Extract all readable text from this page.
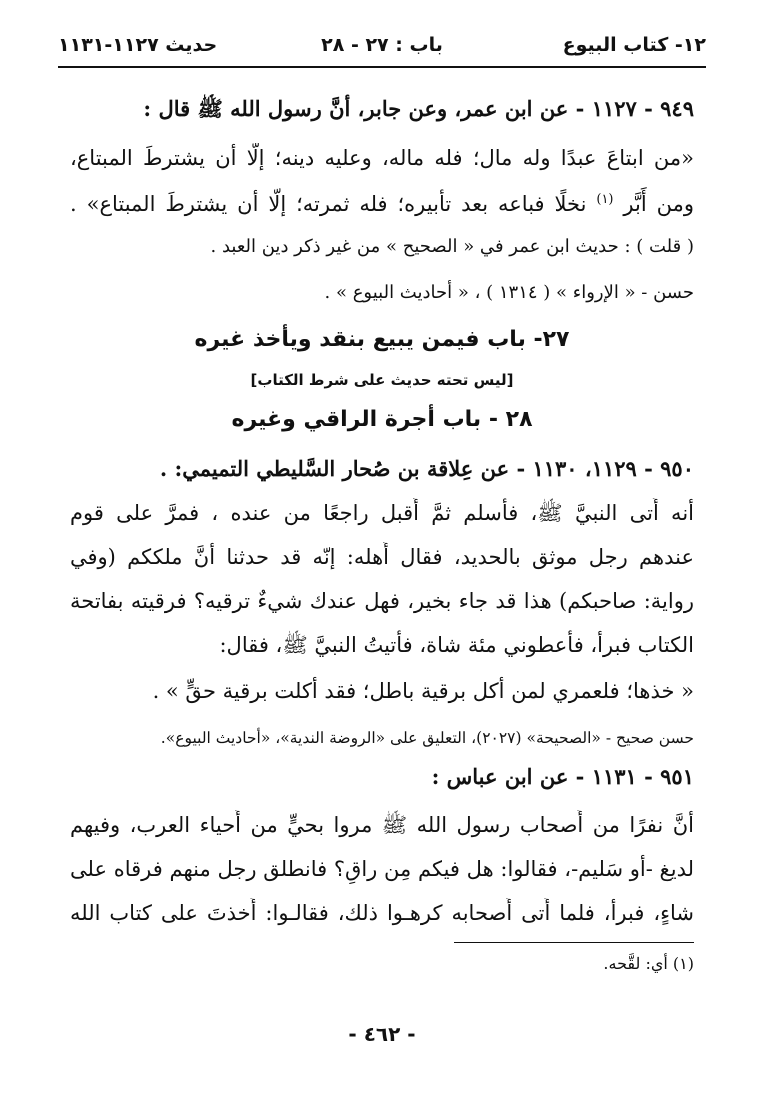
١٢- كتاب البيوع
باب : ٢٧ - ٢٨
حديث ١١٢٧-١١٣١
٩٤٩ - ١١٢٧ - عن ابن عمر، وعن جابر، أنَّ رسول الله ﷺ قال :
«من ابتاعَ عبدًا وله مال؛ فله ماله، وعليه دينه؛ إلّا أن يشترطَ المبتاع،
ومن أَبَّر $^{(١)}$ نخلًا فباعه بعد تأبيره؛ فله ثمرته؛ إلّا أن يشترطَ المبتاع» .
( قلت ) : حديث ابن عمر في « الصحيح » من غير ذكر دين العبد .
حسن - « الإرواء » ( ١٣١٤ ) ، « أحاديث البيوع » .
٢٧- باب فيمن يبيع بنقد ويأخذ غيره
[ليس تحته حديث على شرط الكتاب]
٢٨ - باب أجرة الراقي وغيره
٩٥٠ - ١١٢٩، ١١٣٠ - عن عِلاقة بن صُحار السَّليطي التميمي: .
أنه أَتى النبيَّ ﷺ، فأسلم ثمَّ أَقبل راجعًا من عنده ، فمرَّ على قوم
عندهم رجل موثق بالحديد، فقال أَهله: إنّه قد حدثنا أنَّ ملككم (وفي
رواية: صاحبكم) هذا قد جاء بخير، فهل عندك شيءٌ ترقيه؟ فرقيته بفاتحة
الكتاب فبرأ، فأعطوني مئة شاة، فأتيتُ النبيَّ ﷺ، فقال:
« خذها؛ فلعمري لمن أكل برقية باطل؛ فقد أكلت برقية حقٍّ » .
حسن صحيح - «الصحيحة» (٢٠٢٧)، التعليق على «الروضة الندية»، «أحاديث البيوع».
٩٥١ - ١١٣١ - عن ابن عباس :
أنَّ نفرًا من أَصحاب رسول الله ﷺ مروا بحيٍّ من أَحياء العرب، وفيهم
لديغ -أو سَليم-، فقالوا: هل فيكم مِن راقٍ؟ فانطلق رجل منهم فرقاه على
شاءٍ، فبرأ، فلما أَتى أَصحابه كرهـوا ذلك، فقالـوا: أَخذتَ على كتاب الله
(١) أي: لقَّحه.
- ٤٦٢ -
